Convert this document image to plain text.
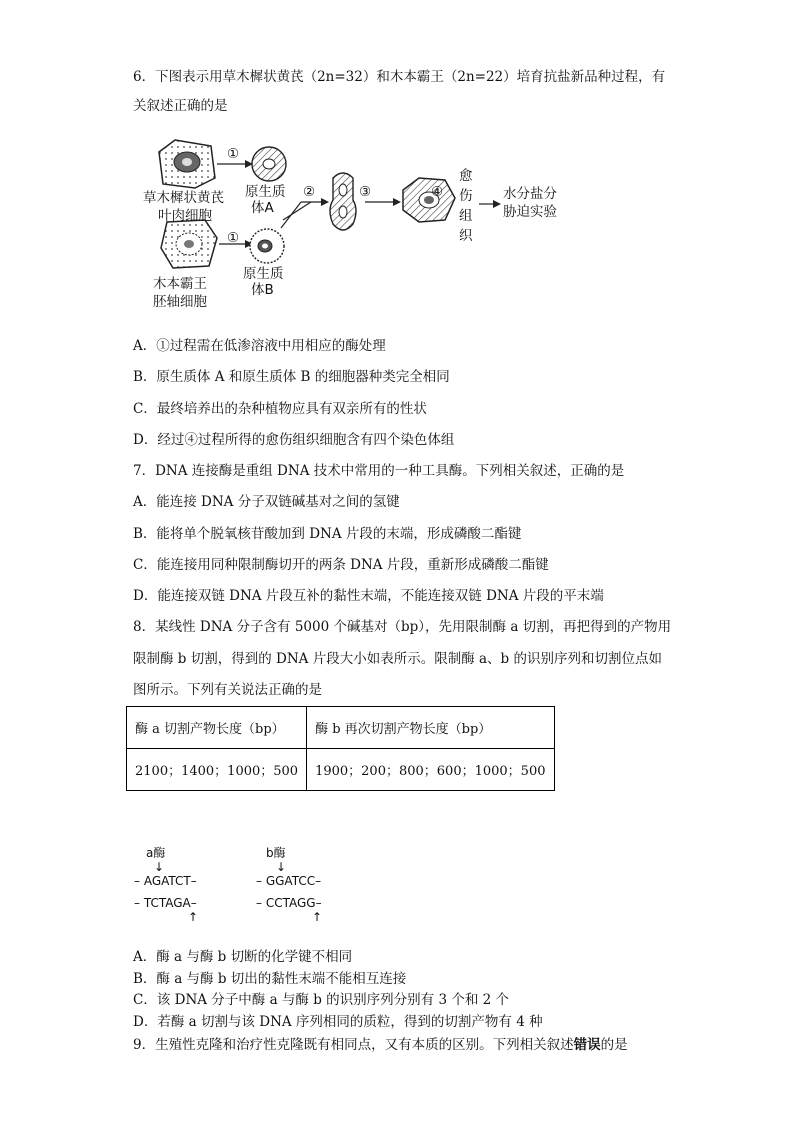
6．下图表示用草木樨状黄芪（2n=32）和木本霸王（2n=22）培育抗盐新品种过程，有
关叙述正确的是
①
①
②	③	④
草木樨状黄芪
叶肉细胞
木本霸王
胚轴细胞
原生质
体A
原生质
体B
愈
伤
组
织
水分盐分
胁迫实验
A．①过程需在低渗溶液中用相应的酶处理
B．原生质体 A 和原生质体 B 的细胞器种类完全相同
C．最终培养出的杂种植物应具有双亲所有的性状
D．经过④过程所得的愈伤组织细胞含有四个染色体组
7．DNA 连接酶是重组 DNA 技术中常用的一种工具酶。下列相关叙述，正确的是
A．能连接 DNA 分子双链碱基对之间的氢键
B．能将单个脱氧核苷酸加到 DNA 片段的末端，形成磷酸二酯键
C．能连接用同种限制酶切开的两条 DNA 片段，重新形成磷酸二酯键
D．能连接双链 DNA 片段互补的黏性末端，不能连接双链 DNA 片段的平末端
8．某线性 DNA 分子含有 5000 个碱基对（bp），先用限制酶 a 切割，再把得到的产物用
限制酶 b 切割，得到的 DNA 片段大小如表所示。限制酶 a、b 的识别序列和切割位点如
图所示。下列有关说法正确的是
酶 a 切割产物长度（bp）	酶 b 再次切割产物长度（bp）
2100；1400；1000；500	1900；200；800；600；1000；500
a酶
↓
– AGATCT–
– TCTAGA–
↑
b酶
↓
– GGATCC–
– CCTAGG–
↑
A．酶 a 与酶 b 切断的化学键不相同
B．酶 a 与酶 b 切出的黏性末端不能相互连接
C．该 DNA 分子中酶 a 与酶 b 的识别序列分别有 3 个和 2 个
D．若酶 a 切割与该 DNA 序列相同的质粒，得到的切割产物有 4 种
9．生殖性克隆和治疗性克隆既有相同点，又有本质的区别。下列相关叙述错误的是
